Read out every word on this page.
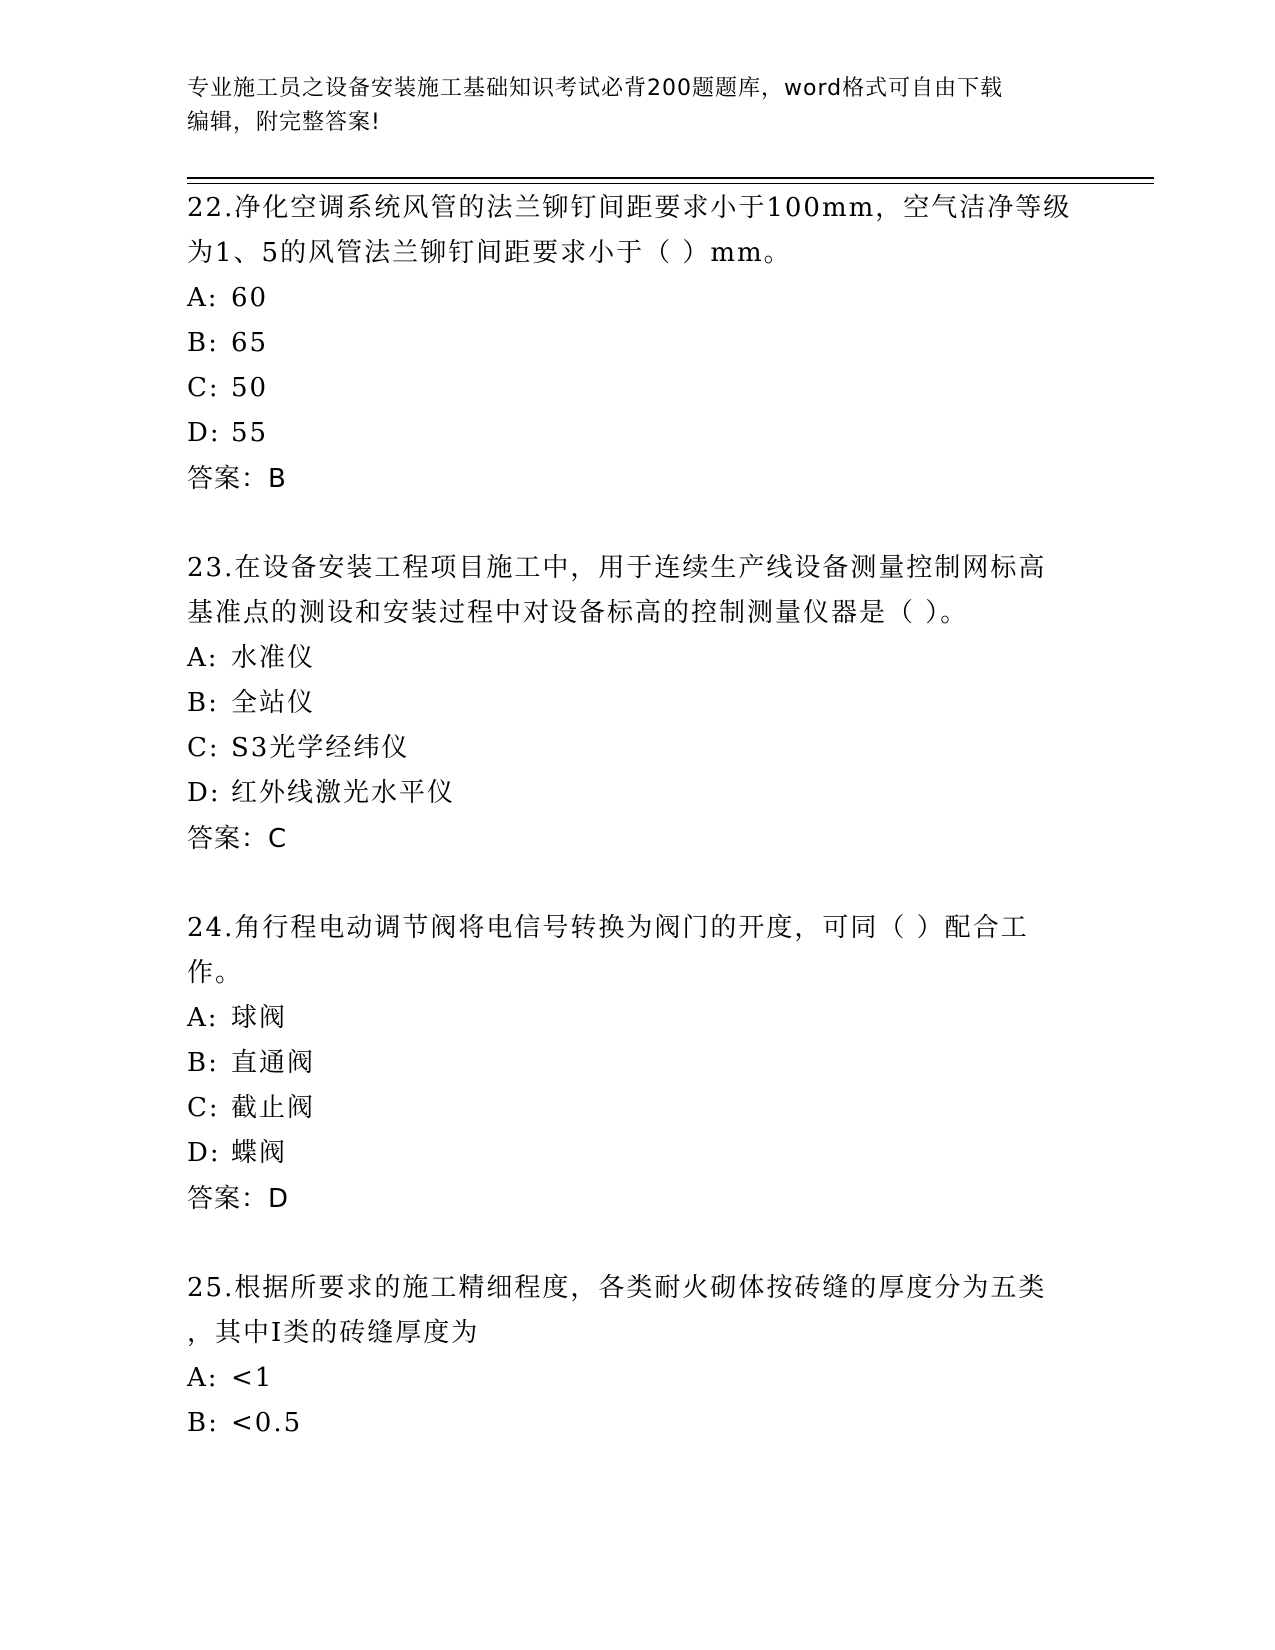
专业施工员之设备安装施工基础知识考试必背200题题库，word格式可自由下载
编辑，附完整答案!

22.净化空调系统风管的法兰铆钉间距要求小于100mm，空气洁净等级

为1、5的风管法兰铆钉间距要求小于（ ）mm。

A: 60

B: 65

C: 50

D: 55

答案：B

23.在设备安装工程项目施工中，用于连续生产线设备测量控制网标高

基准点的测设和安装过程中对设备标高的控制测量仪器是（ ）。

A: 水准仪

B: 全站仪

C: S3光学经纬仪

D: 红外线激光水平仪

答案：C

24.角行程电动调节阀将电信号转换为阀门的开度，可同（ ）配合工

作。

A: 球阀

B: 直通阀

C: 截止阀

D: 蝶阀

答案：D

25.根据所要求的施工精细程度，各类耐火砌体按砖缝的厚度分为五类

，其中I类的砖缝厚度为

A: <1

B: <0.5
